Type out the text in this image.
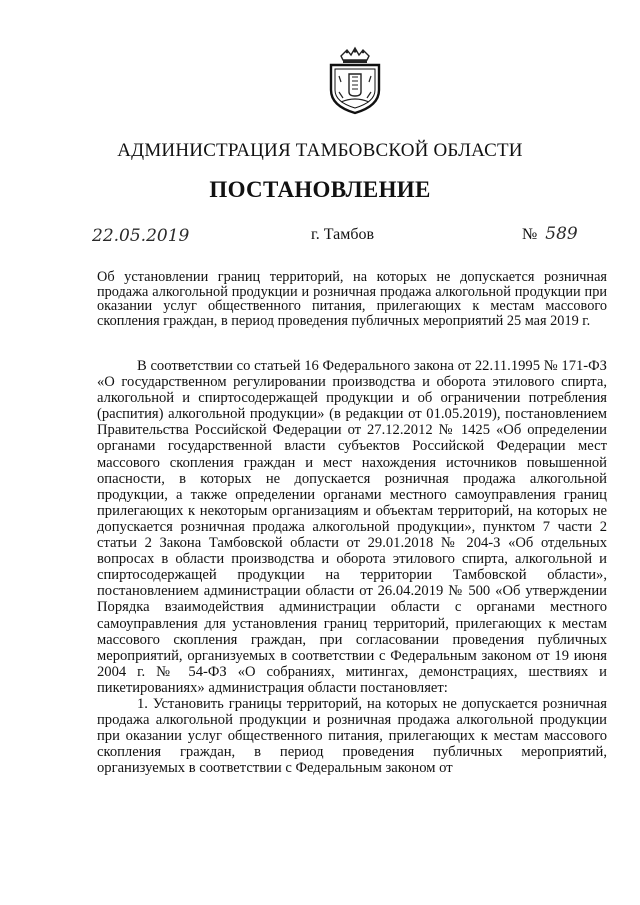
АДМИНИСТРАЦИЯ ТАМБОВСКОЙ ОБЛАСТИ
ПОСТАНОВЛЕНИЕ
22.05.2019	г. Тамбов	№ 589
Об установлении границ территорий, на которых не допускается розничная продажа алкогольной продукции и розничная продажа алкогольной продукции при оказании услуг общественного питания, прилегающих к местам массового скопления граждан, в период проведения публичных мероприятий 25 мая 2019 г.

В соответствии со статьей 16 Федерального закона от 22.11.1995 № 171-ФЗ «О государственном регулировании производства и оборота этилового спирта, алкогольной и спиртосодержащей продукции и об ограничении потребления (распития) алкогольной продукции» (в редакции от 01.05.2019), постановлением Правительства Российской Федерации от 27.12.2012 № 1425 «Об определении органами государственной власти субъектов Российской Федерации мест массового скопления граждан и мест нахождения источников повышенной опасности, в которых не допускается розничная продажа алкогольной продукции, а также определении органами местного самоуправления границ прилегающих к некоторым организациям и объектам территорий, на которых не допускается розничная продажа алкогольной продукции», пунктом 7 части 2 статьи 2 Закона Тамбовской области от 29.01.2018 № 204-З «Об отдельных вопросах в области производства и оборота этилового спирта, алкогольной и спиртосодержащей продукции на территории Тамбовской области», постановлением администрации области от 26.04.2019 № 500 «Об утверждении Порядка взаимодействия администрации области с органами местного самоуправления для установления границ территорий, прилегающих к местам массового скопления граждан, при согласовании проведения публичных мероприятий, организуемых в соответствии с Федеральным законом от 19 июня 2004 г. № 54-ФЗ «О собраниях, митингах, демонстрациях, шествиях и пикетированиях» администрация области постановляет:

1. Установить границы территорий, на которых не допускается розничная продажа алкогольной продукции и розничная продажа алкогольной продукции при оказании услуг общественного питания, прилегающих к местам массового скопления граждан, в период проведения публичных мероприятий, организуемых в соответствии с Федеральным законом от
